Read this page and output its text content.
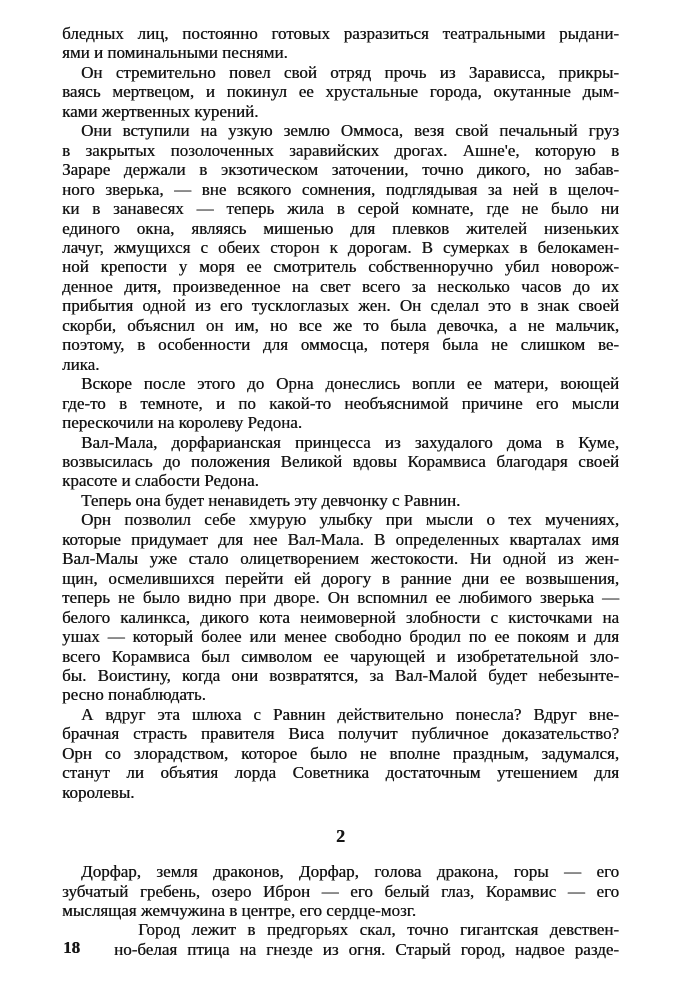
бледных лиц, постоянно готовых разразиться театральными рыдани-
ями и поминальными песнями.
Он стремительно повел свой отряд прочь из Зарависса, прикры-
ваясь мертвецом, и покинул ее хрустальные города, окутанные дым-
ками жертвенных курений.
Они вступили на узкую землю Оммоса, везя свой печальный груз
в закрытых позолоченных заравийских дрогах. Ашне'е, которую в
Зараре держали в экзотическом заточении, точно дикого, но забав-
ного зверька, — вне всякого сомнения, подглядывая за ней в щелоч-
ки в занавесях — теперь жила в серой комнате, где не было ни
единого окна, являясь мишенью для плевков жителей низеньких
лачуг, жмущихся с обеих сторон к дорогам. В сумерках в белокамен-
ной крепости у моря ее смотритель собственноручно убил новорож-
денное дитя, произведенное на свет всего за несколько часов до их
прибытия одной из его тусклоглазых жен. Он сделал это в знак своей
скорби, объяснил он им, но все же то была девочка, а не мальчик,
поэтому, в особенности для оммосца, потеря была не слишком ве-
лика.
Вскоре после этого до Орна донеслись вопли ее матери, воющей
где-то в темноте, и по какой-то необъяснимой причине его мысли
перескочили на королеву Редона.
Вал-Мала, дорфарианская принцесса из захудалого дома в Куме,
возвысилась до положения Великой вдовы Корамвиса благодаря своей
красоте и слабости Редона.
Теперь она будет ненавидеть эту девчонку с Равнин.
Орн позволил себе хмурую улыбку при мысли о тех мучениях,
которые придумает для нее Вал-Мала. В определенных кварталах имя
Вал-Малы уже стало олицетворением жестокости. Ни одной из жен-
щин, осмелившихся перейти ей дорогу в ранние дни ее возвышения,
теперь не было видно при дворе. Он вспомнил ее любимого зверька —
белого калинкса, дикого кота неимоверной злобности с кисточками на
ушах — который более или менее свободно бродил по ее покоям и для
всего Корамвиса был символом ее чарующей и изобретательной зло-
бы. Воистину, когда они возвратятся, за Вал-Малой будет небезынте-
ресно понаблюдать.
А вдруг эта шлюха с Равнин действительно понесла? Вдруг вне-
брачная страсть правителя Виса получит публичное доказательство?
Орн со злорадством, которое было не вполне праздным, задумался,
станут ли объятия лорда Советника достаточным утешением для
королевы.
2
Дорфар, земля драконов, Дорфар, голова дракона, горы — его
зубчатый гребень, озеро Иброн — его белый глаз, Корамвис — его
мыслящая жемчужина в центре, его сердце-мозг.
Город лежит в предгорьях скал, точно гигантская девствен-
но-белая птица на гнезде из огня. Старый город, надвое разде-
18
